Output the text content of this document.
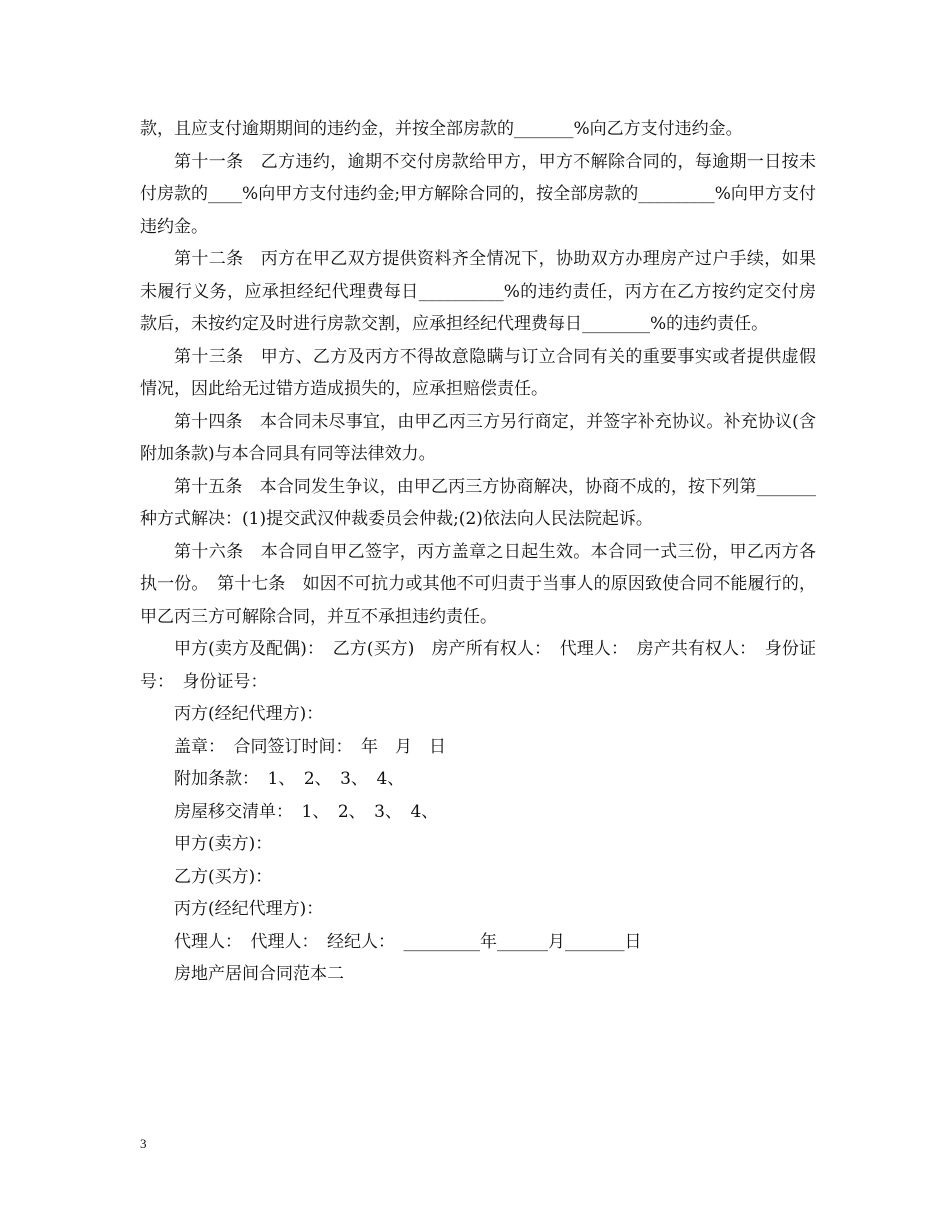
款，且应支付逾期期间的违约金，并按全部房款的_______%向乙方支付违约金。

第十一条　乙方违约，逾期不交付房款给甲方，甲方不解除合同的，每逾期一日按未付房款的____%向甲方支付违约金;甲方解除合同的，按全部房款的_________%向甲方支付违约金。

第十二条　丙方在甲乙双方提供资料齐全情况下，协助双方办理房产过户手续，如果未履行义务，应承担经纪代理费每日__________%的违约责任，丙方在乙方按约定交付房款后，未按约定及时进行房款交割，应承担经纪代理费每日________%的违约责任。

第十三条　甲方、乙方及丙方不得故意隐瞒与订立合同有关的重要事实或者提供虚假情况，因此给无过错方造成损失的，应承担赔偿责任。

第十四条　本合同未尽事宜，由甲乙丙三方另行商定，并签字补充协议。补充协议(含附加条款)与本合同具有同等法律效力。

第十五条　本合同发生争议，由甲乙丙三方协商解决，协商不成的，按下列第_______种方式解决：(1)提交武汉仲裁委员会仲裁;(2)依法向人民法院起诉。

第十六条　本合同自甲乙签字，丙方盖章之日起生效。本合同一式三份，甲乙丙方各执一份。　第十七条　如因不可抗力或其他不可归责于当事人的原因致使合同不能履行的，甲乙丙三方可解除合同，并互不承担违约责任。

甲方(卖方及配偶)：　乙方(买方)　房产所有权人：　代理人：　房产共有权人：　身份证号：　身份证号：

丙方(经纪代理方)：

盖章：　合同签订时间：　年　月　日

附加条款：　1、　2、　3、　4、

房屋移交清单：　1、　2、　3、　4、

甲方(卖方)：

乙方(买方)：

丙方(经纪代理方)：

代理人：　代理人：　经纪人：　_________年______月_______日

房地产居间合同范本二

3
